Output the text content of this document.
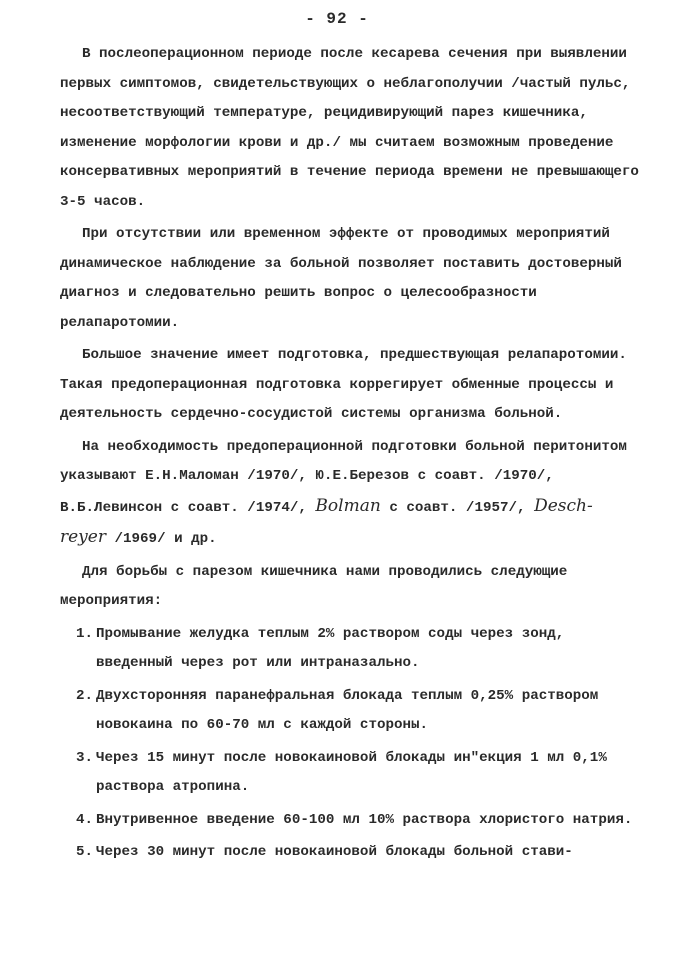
- 92 -

В послеоперационном периоде после кесарева сечения при выявлении первых симптомов, свидетельствующих о неблагополучии /частый пульс, несоответствующий температуре, рецидивирующий парез кишечника, изменение морфологии крови и др./ мы считаем возможным проведение консервативных мероприятий в течение периода времени не превышающего 3-5 часов.

При отсутствии или временном эффекте от проводимых мероприятий динамическое наблюдение за больной позволяет поставить достоверный диагноз и следовательно решить вопрос о целесообразности релапаротомии.

Большое значение имеет подготовка, предшествующая релапаротомии. Такая предоперационная подготовка коррегирует обменные процессы и деятельность сердечно-сосудистой системы организма больной.

На необходимость предоперационной подготовки больной перитонитом указывают Е.Н.Маломан /1970/, Ю.Е.Березов с соавт. /1970/, В.Б.Левинсон с соавт. /1974/, Bolman с соавт. /1957/, Desch- reyer /1969/ и др.

Для борьбы с парезом кишечника нами проводились следующие мероприятия:

1. Промывание желудка теплым 2% раствором соды через зонд, введенный через рот или интраназально.
2. Двухсторонняя паранефральная блокада теплым 0,25% раствором новокаина по 60-70 мл с каждой стороны.
3. Через 15 минут после новокаиновой блокады ин"екция 1 мл 0,1% раствора атропина.
4. Внутривенное введение 60-100 мл 10% раствора хлористого натрия.
5. Через 30 минут после новокаиновой блокады больной стави-
